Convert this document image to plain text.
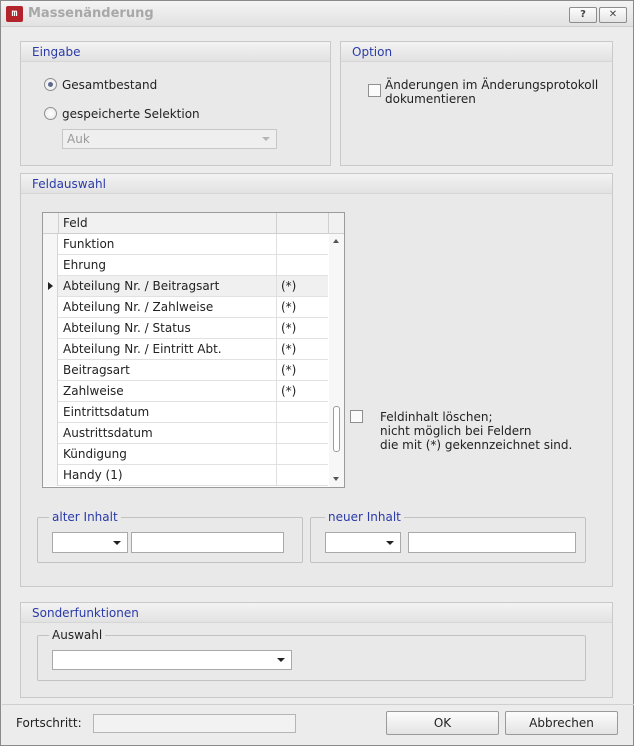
m Massenänderung	?	✕
Eingabe
Gesamtbestand
gespeicherte Selektion
Auk
Option
Änderungen im Änderungsprotokoll
dokumentieren
Feldauswahl
Feldinhalt löschen;
nicht möglich bei Feldern
die mit (*) gekennzeichnet sind.
alter Inhalt	neuer Inhalt
Feld
Funktion
Ehrung
Abteilung Nr. / Beitragsart	(*)
Abteilung Nr. / Zahlweise	(*)
Abteilung Nr. / Status	(*)
Abteilung Nr. / Eintritt Abt.	(*)
Beitragsart	(*)
Zahlweise	(*)
Eintrittsdatum
Austrittsdatum
Kündigung
Handy (1)
Sonderfunktionen
Auswahl
Fortschritt:	OK	Abbrechen
